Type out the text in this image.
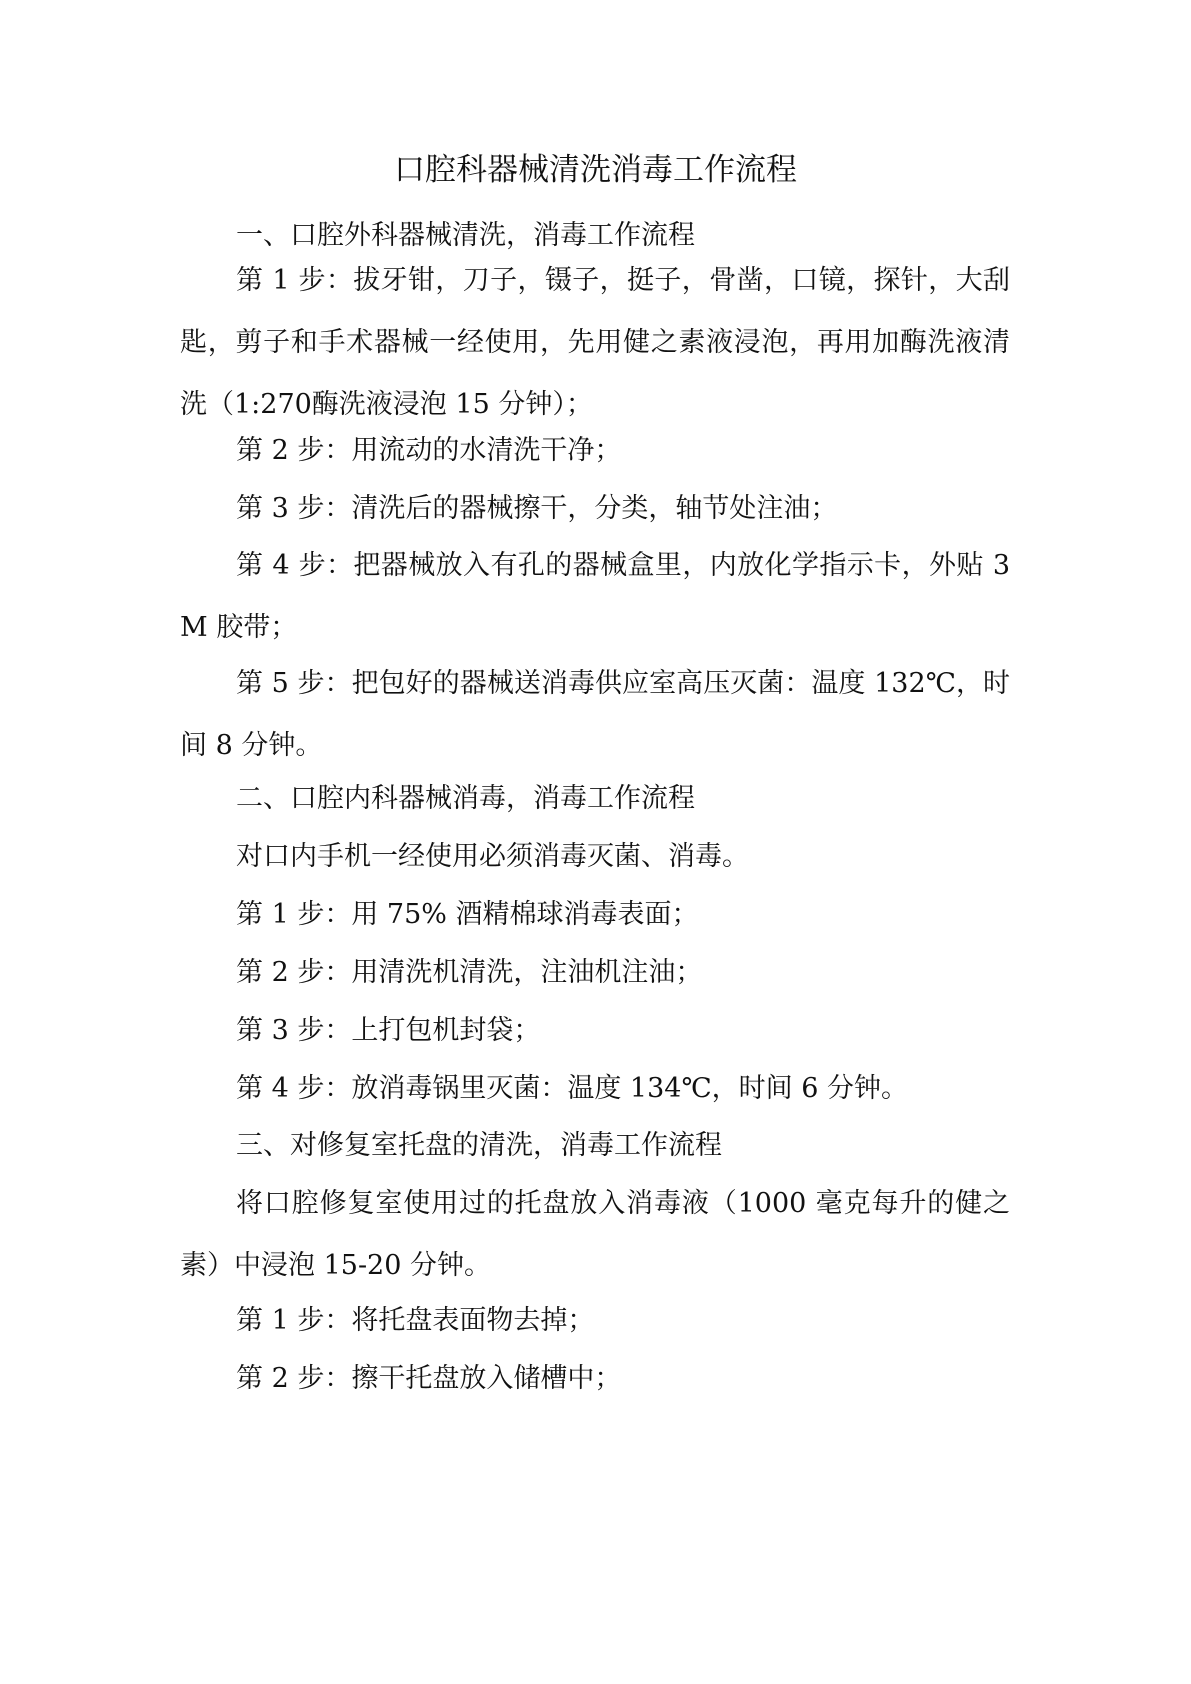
口腔科器械清洗消毒工作流程

一、口腔外科器械清洗，消毒工作流程

第 1 步：拔牙钳，刀子，镊子，挺子，骨凿，口镜，探针，大刮匙，剪子和手术器械一经使用，先用健之素液浸泡，再用加酶洗液清洗（1:270酶洗液浸泡 15 分钟）；

第 2 步：用流动的水清洗干净；

第 3 步：清洗后的器械擦干，分类，轴节处注油；

第 4 步：把器械放入有孔的器械盒里，内放化学指示卡，外贴 3M 胶带；

第 5 步：把包好的器械送消毒供应室高压灭菌：温度 132℃，时间 8 分钟。

二、口腔内科器械消毒，消毒工作流程

对口内手机一经使用必须消毒灭菌、消毒。

第 1 步：用 75% 酒精棉球消毒表面；

第 2 步：用清洗机清洗，注油机注油；

第 3 步：上打包机封袋；

第 4 步：放消毒锅里灭菌：温度 134℃，时间 6 分钟。

三、对修复室托盘的清洗，消毒工作流程

将口腔修复室使用过的托盘放入消毒液（1000 毫克每升的健之素）中浸泡 15-20 分钟。

第 1 步：将托盘表面物去掉；

第 2 步：擦干托盘放入储槽中；
